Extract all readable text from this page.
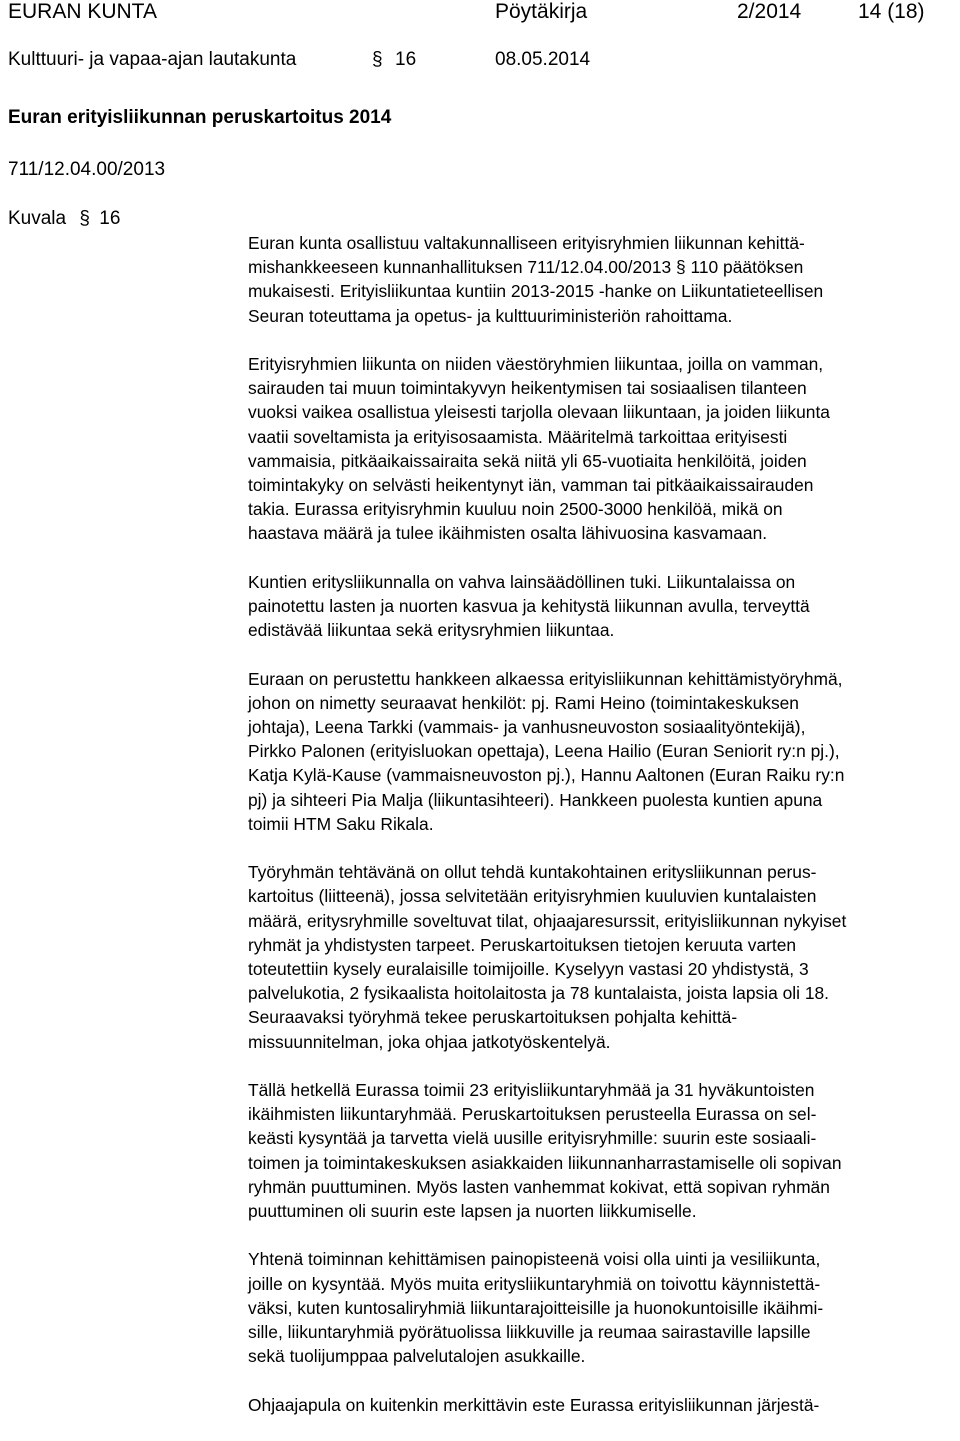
EURAN KUNTA	Pöytäkirja	2/2014	14 (18)
Kulttuuri- ja vapaa-ajan lautakunta	§ 16	08.05.2014
Euran erityisliikunnan peruskartoitus 2014
711/12.04.00/2013
Kuvala § 16

Euran kunta osallistuu valtakunnalliseen erityisryhmien liikunnan kehittä-
mishankkeeseen kunnanhallituksen 711/12.04.00/2013 § 110 päätöksen
mukaisesti. Erityisliikuntaa kuntiin 2013-2015 -hanke on Liikuntatieteellisen
Seuran toteuttama ja opetus- ja kulttuuriministeriön rahoittama.

Erityisryhmien liikunta on niiden väestöryhmien liikuntaa, joilla on vamman,
sairauden tai muun toimintakyvyn heikentymisen tai sosiaalisen tilanteen
vuoksi vaikea osallistua yleisesti tarjolla olevaan liikuntaan, ja joiden liikunta
vaatii soveltamista ja erityisosaamista. Määritelmä tarkoittaa erityisesti
vammaisia, pitkäaikaissairaita sekä niitä yli 65-vuotiaita henkilöitä, joiden
toimintakyky on selvästi heikentynyt iän, vamman tai pitkäaikaissairauden
takia. Eurassa erityisryhmin kuuluu noin 2500-3000 henkilöä, mikä on
haastava määrä ja tulee ikäihmisten osalta lähivuosina kasvamaan.

Kuntien eritysliikunnalla on vahva lainsäädöllinen tuki. Liikuntalaissa on
painotettu lasten ja nuorten kasvua ja kehitystä liikunnan avulla, terveyttä
edistävää liikuntaa sekä eritysryhmien liikuntaa.

Euraan on perustettu hankkeen alkaessa erityisliikunnan kehittämistyöryhmä,
johon on nimetty seuraavat henkilöt: pj. Rami Heino (toimintakeskuksen
johtaja), Leena Tarkki (vammais- ja vanhusneuvoston sosiaalityöntekijä),
Pirkko Palonen (erityisluokan opettaja), Leena Hailio (Euran Seniorit ry:n pj.),
Katja Kylä-Kause (vammaisneuvoston pj.), Hannu Aaltonen (Euran Raiku ry:n
pj) ja sihteeri Pia Malja (liikuntasihteeri). Hankkeen puolesta kuntien apuna
toimii HTM Saku Rikala.

Työryhmän tehtävänä on ollut tehdä kuntakohtainen eritysliikunnan perus-
kartoitus (liitteenä), jossa selvitetään erityisryhmien kuuluvien kuntalaisten
määrä, eritysryhmille soveltuvat tilat, ohjaajaresurssit, erityisliikunnan nykyiset
ryhmät ja yhdistysten tarpeet. Peruskartoituksen tietojen keruuta varten
toteutettiin kysely euralaisille toimijoille. Kyselyyn vastasi 20 yhdistystä, 3
palvelukotia, 2 fysikaalista hoitolaitosta ja 78 kuntalaista, joista lapsia oli 18.
Seuraavaksi työryhmä tekee peruskartoituksen pohjalta kehittä-
missuunnitelman, joka ohjaa jatkotyöskentelyä.

Tällä hetkellä Eurassa toimii 23 erityisliikuntaryhmää ja 31 hyväkuntoisten
ikäihmisten liikuntaryhmää. Peruskartoituksen perusteella Eurassa on sel-
keästi kysyntää ja tarvetta vielä uusille erityisryhmille: suurin este sosiaali-
toimen ja toimintakeskuksen asiakkaiden liikunnanharrastamiselle oli sopivan
ryhmän puuttuminen. Myös lasten vanhemmat kokivat, että sopivan ryhmän
puuttuminen oli suurin este lapsen ja nuorten liikkumiselle.

Yhtenä toiminnan kehittämisen painopisteenä voisi olla uinti ja vesiliikunta,
joille on kysyntää. Myös muita eritysliikuntaryhmiä on toivottu käynnistettä-
väksi, kuten kuntosaliryhmiä liikuntarajoitteisille ja huonokuntoisille ikäihmi-
sille, liikuntaryhmiä pyörätuolissa liikkuville ja reumaa sairastaville lapsille
sekä tuolijumppaa palvelutalojen asukkaille.

Ohjaajapula on kuitenkin merkittävin este Eurassa erityisliikunnan järjestä-
